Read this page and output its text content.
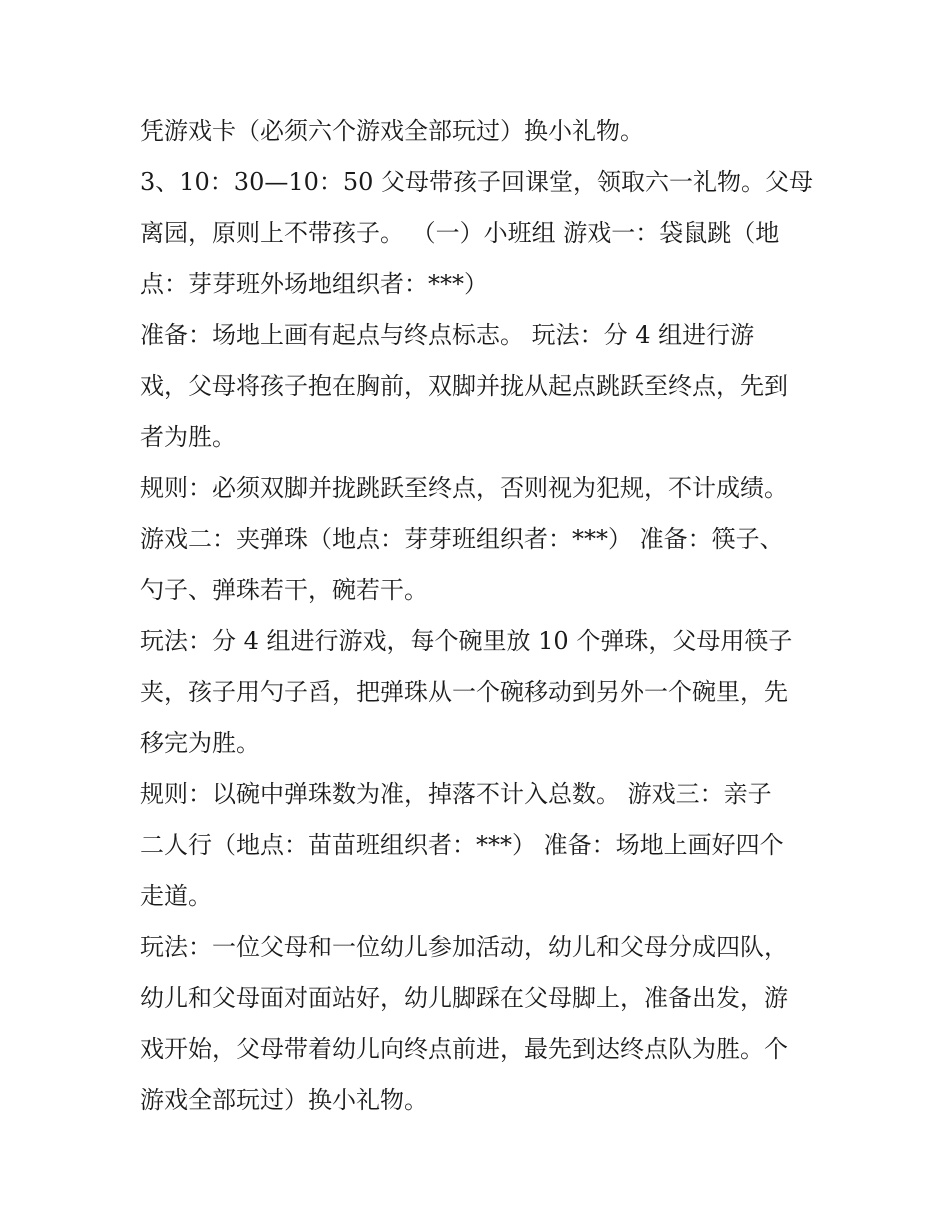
凭游戏卡（必须六个游戏全部玩过）换小礼物。
3、10：30—10：50 父母带孩子回课堂，领取六一礼物。父母
离园，原则上不带孩子。 （一）小班组 游戏一：袋鼠跳（地
点：芽芽班外场地组织者：***）
准备：场地上画有起点与终点标志。 玩法：分 4 组进行游
戏，父母将孩子抱在胸前，双脚并拢从起点跳跃至终点，先到
者为胜。
规则：必须双脚并拢跳跃至终点，否则视为犯规，不计成绩。
游戏二：夹弹珠（地点：芽芽班组织者：***） 准备：筷子、
勺子、弹珠若干，碗若干。
玩法：分 4 组进行游戏，每个碗里放 10 个弹珠，父母用筷子
夹，孩子用勺子舀，把弹珠从一个碗移动到另外一个碗里，先
移完为胜。
规则：以碗中弹珠数为准，掉落不计入总数。 游戏三：亲子
二人行（地点：苗苗班组织者：***） 准备：场地上画好四个
走道。
玩法：一位父母和一位幼儿参加活动，幼儿和父母分成四队，
幼儿和父母面对面站好，幼儿脚踩在父母脚上，准备出发，游
戏开始，父母带着幼儿向终点前进，最先到达终点队为胜。个
游戏全部玩过）换小礼物。
